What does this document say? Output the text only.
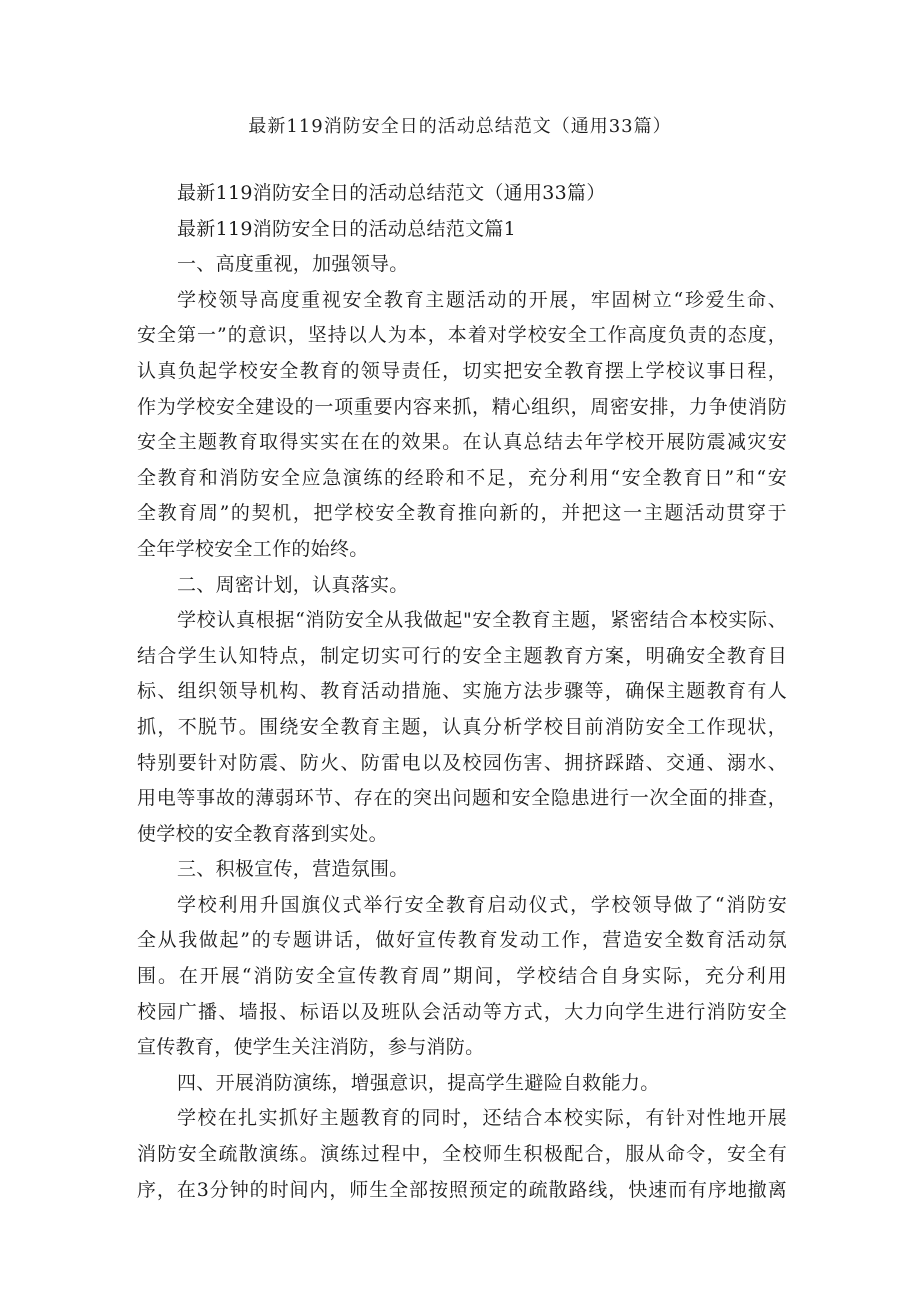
最新119消防安全日的活动总结范文（通用33篇）
最新119消防安全日的活动总结范文（通用33篇）
最新119消防安全日的活动总结范文篇1
一、高度重视，加强领导。
学校领导高度重视安全教育主题活动的开展，牢固树立“珍爱生命、
安全第一”的意识，坚持以人为本，本着对学校安全工作高度负责的态度，
认真负起学校安全教育的领导责任，切实把安全教育摆上学校议事日程，
作为学校安全建设的一项重要内容来抓，精心组织，周密安排，力争使消防
安全主题教育取得实实在在的效果。在认真总结去年学校开展防震减灾安
全教育和消防安全应急演练的经聆和不足，充分利用“安全教育日”和“安
全教育周”的契机，把学校安全教育推向新的，并把这一主题活动贯穿于
全年学校安全工作的始终。
二、周密计划，认真落实。
学校认真根据“消防安全从我做起"安全教育主题，紧密结合本校实际、
结合学生认知特点，制定切实可行的安全主题教育方案，明确安全教育目
标、组织领导机构、教育活动措施、实施方法步骤等，确保主题教育有人
抓，不脱节。围绕安全教育主题，认真分析学校目前消防安全工作现状，
特别要针对防震、防火、防雷电以及校园伤害、拥挤踩踏、交通、溺水、
用电等事故的薄弱环节、存在的突出问题和安全隐患进行一次全面的排查，
使学校的安全教育落到实处。
三、积极宣传，营造氛围。
学校利用升国旗仪式举行安全教育启动仪式，学校领导做了“消防安
全从我做起”的专题讲话，做好宣传教育发动工作，营造安全数育活动氛
围。在开展“消防安全宣传教育周”期间，学校结合自身实际，充分利用
校园广播、墙报、标语以及班队会活动等方式，大力向学生进行消防安全
宣传教育，使学生关注消防，参与消防。
四、开展消防演练，增强意识，提高学生避险自救能力。
学校在扎实抓好主题教育的同时，还结合本校实际，有针对性地开展
消防安全疏散演练。演练过程中，全校师生积极配合，服从命令，安全有
序，在3分钟的时间内，师生全部按照预定的疏散路线，快速而有序地撤离
